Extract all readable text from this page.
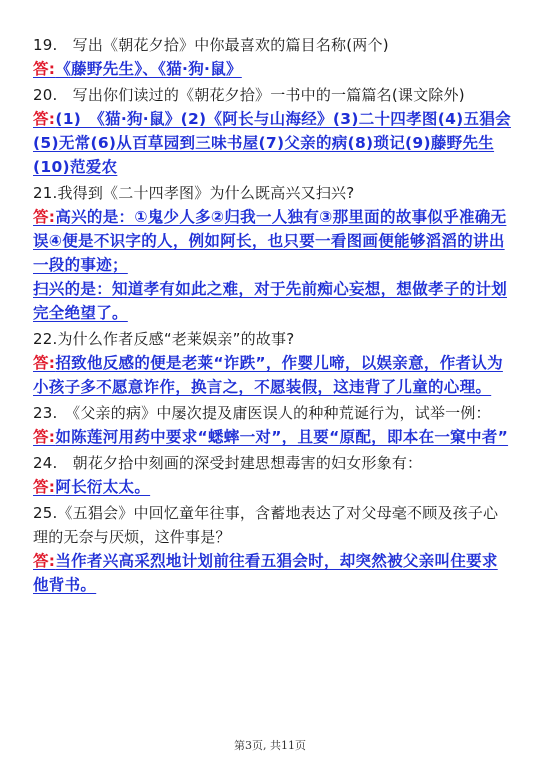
19.　写出《朝花夕拾》中你最喜欢的篇目名称(两个)

答:《藤野先生》、《猫·狗·鼠》

20.　写出你们读过的《朝花夕拾》一书中的一篇篇名(课文除外)

答:(1)　《猫·狗·鼠》(2)《阿长与山海经》(3)二十四孝图(4)五猖会(5)无常(6)从百草园到三味书屋(7)父亲的病(8)琐记(9)藤野先生(10)范爱农

21.我得到《二十四孝图》为什么既高兴又扫兴?

答:高兴的是：①鬼少人多②归我一人独有③那里面的故事似乎准确无误④便是不识字的人，例如阿长，也只要一看图画便能够滔滔的讲出一段的事迹；

扫兴的是：知道孝有如此之难，对于先前痴心妄想，想做孝子的计划完全绝望了。

22.为什么作者反感“老莱娱亲”的故事?

答:招致他反感的便是老莱“诈跌”，作婴儿啼，以娱亲意，作者认为小孩子多不愿意诈作，换言之，不愿装假，这违背了儿童的心理。

23.　《父亲的病》中屡次提及庸医误人的种种荒诞行为，试举一例：

答:如陈莲河用药中要求“蟋蟀一对”，且要“原配，即本在一窠中者”

24.　朝花夕拾中刻画的深受封建思想毒害的妇女形象有：

答:阿长衍太太。

25.《五猖会》中回忆童年往事，含蓄地表达了对父母毫不顾及孩子心理的无奈与厌烦，这件事是？

答:当作者兴高采烈地计划前往看五猖会时，却突然被父亲叫住要求他背书。

第3页, 共11页
